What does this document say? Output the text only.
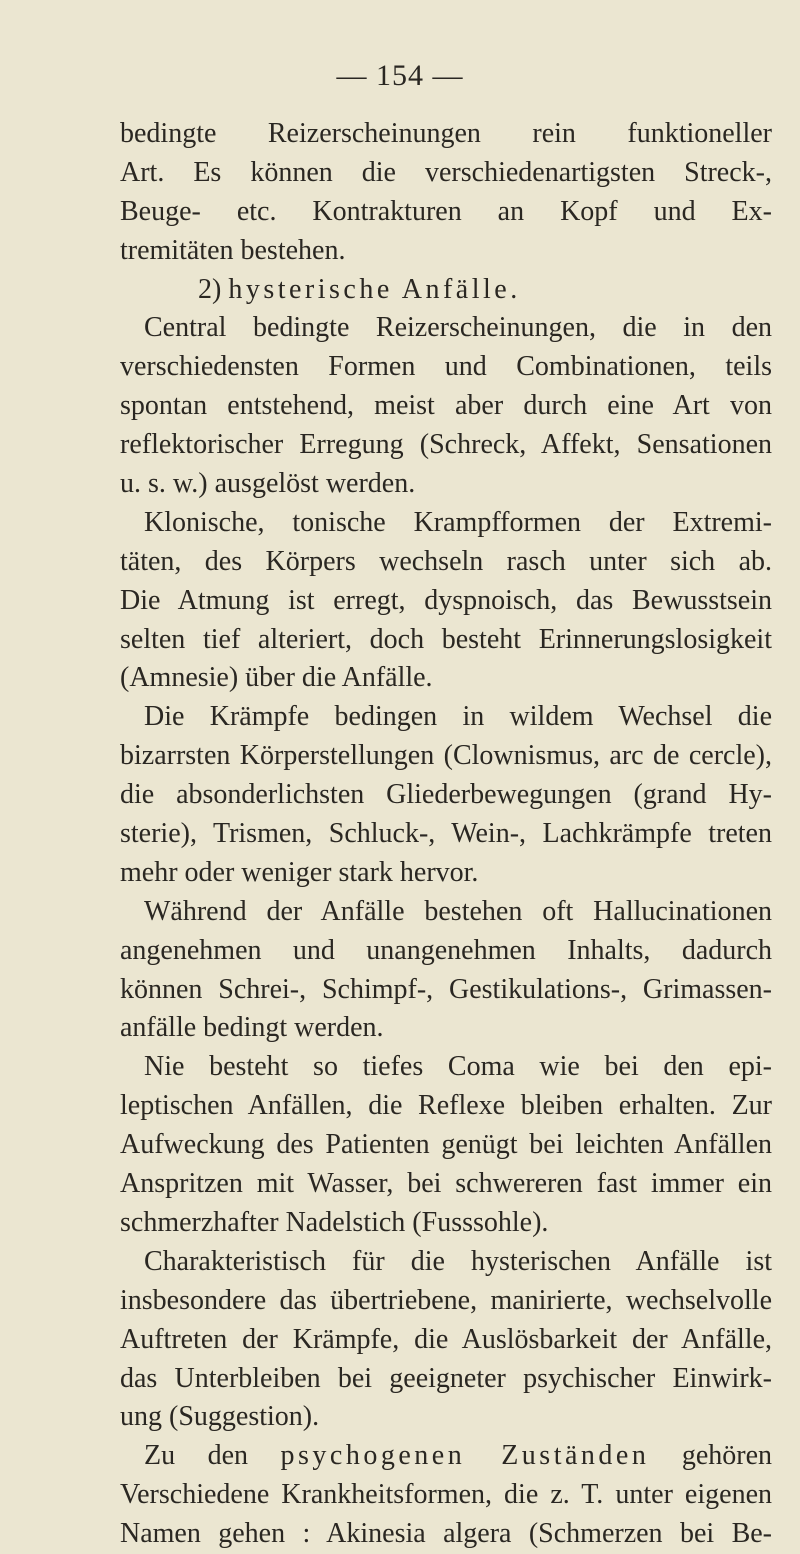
— 154 —
bedingte Reizerscheinungen rein funktioneller
Art. Es können die verschiedenartigsten Streck-,
Beuge- etc. Kontrakturen an Kopf und Ex-
tremitäten bestehen.
2) hysterische Anfälle.
Central bedingte Reizerscheinungen, die in den
verschiedensten Formen und Combinationen, teils
spontan entstehend, meist aber durch eine Art von
reflektorischer Erregung (Schreck, Affekt, Sensationen
u. s. w.) ausgelöst werden.
Klonische, tonische Krampfformen der Extremi-
täten, des Körpers wechseln rasch unter sich ab.
Die Atmung ist erregt, dyspnoisch, das Bewusstsein
selten tief alteriert, doch besteht Erinnerungslosigkeit
(Amnesie) über die Anfälle.
Die Krämpfe bedingen in wildem Wechsel die
bizarrsten Körperstellungen (Clownismus, arc de cercle),
die absonderlichsten Gliederbewegungen (grand Hy-
sterie), Trismen, Schluck-, Wein-, Lachkrämpfe treten
mehr oder weniger stark hervor.
Während der Anfälle bestehen oft Hallucinationen
angenehmen und unangenehmen Inhalts, dadurch
können Schrei-, Schimpf-, Gestikulations-, Grimassen-
anfälle bedingt werden.
Nie besteht so tiefes Coma wie bei den epi-
leptischen Anfällen, die Reflexe bleiben erhalten. Zur
Aufweckung des Patienten genügt bei leichten Anfällen
Anspritzen mit Wasser, bei schwereren fast immer ein
schmerzhafter Nadelstich (Fusssohle).
Charakteristisch für die hysterischen Anfälle ist
insbesondere das übertriebene, manirierte, wechselvolle
Auftreten der Krämpfe, die Auslösbarkeit der Anfälle,
das Unterbleiben bei geeigneter psychischer Einwirk-
ung (Suggestion).
Zu den psychogenen Zuständen gehören
Verschiedene Krankheitsformen, die z. T. unter eigenen
Namen gehen : Akinesia algera (Schmerzen bei Be-
